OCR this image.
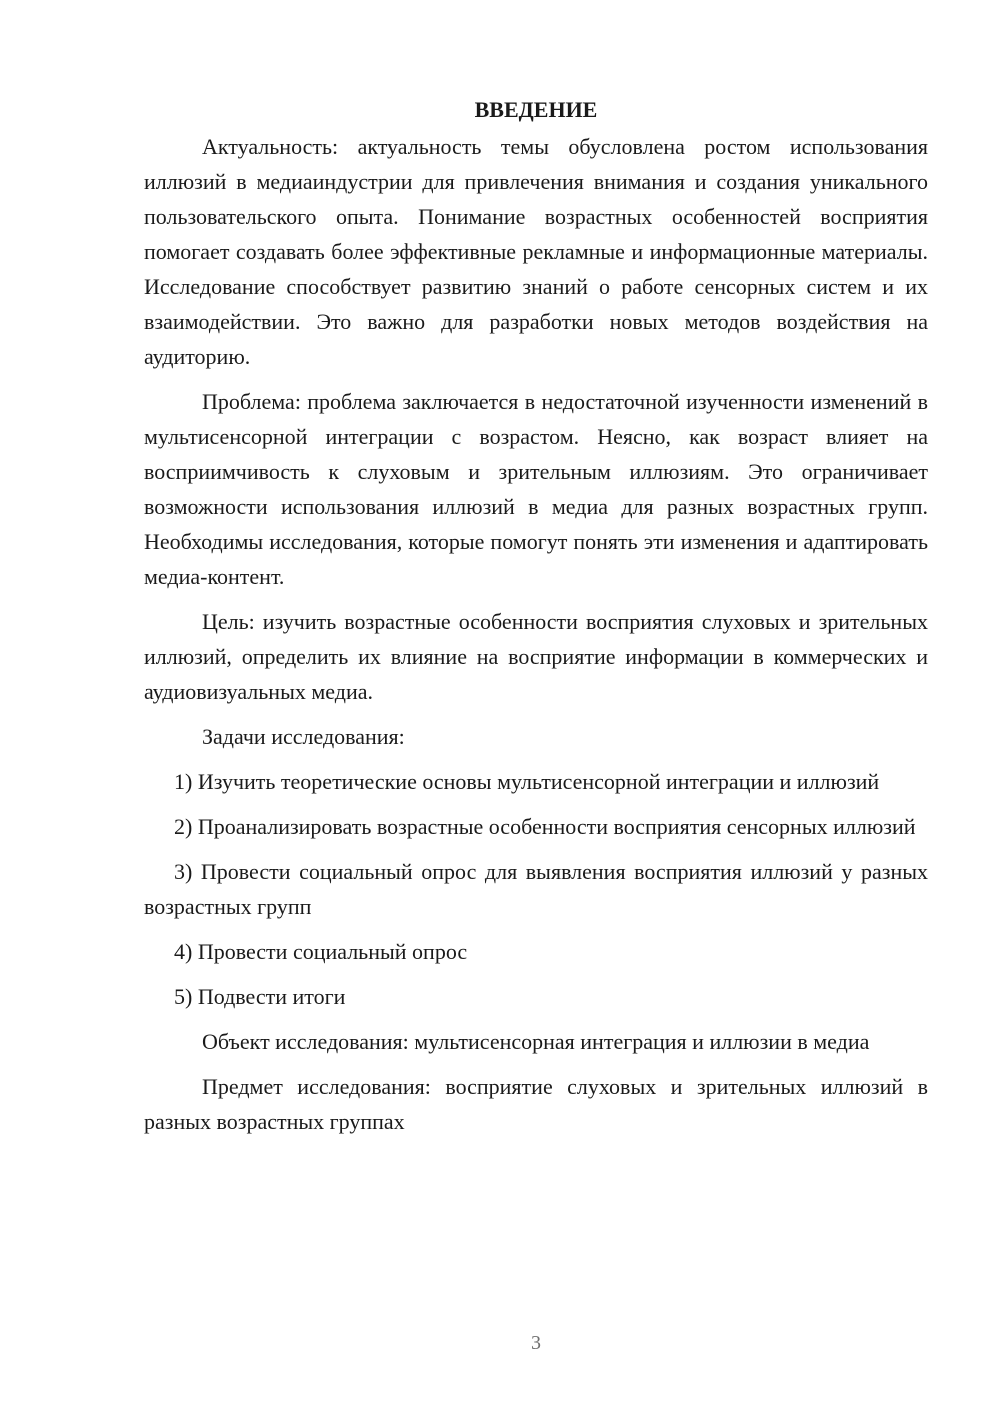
ВВЕДЕНИЕ

Актуальность: актуальность темы обусловлена ростом использования иллюзий в медиаиндустрии для привлечения внимания и создания уникального пользовательского опыта. Понимание возрастных особенностей восприятия помогает создавать более эффективные рекламные и информационные материалы. Исследование способствует развитию знаний о работе сенсорных систем и их взаимодействии. Это важно для разработки новых методов воздействия на аудиторию.

Проблема: проблема заключается в недостаточной изученности изменений в мультисенсорной интеграции с возрастом. Неясно, как возраст влияет на восприимчивость к слуховым и зрительным иллюзиям. Это ограничивает возможности использования иллюзий в медиа для разных возрастных групп. Необходимы исследования, которые помогут понять эти изменения и адаптировать медиа-контент.

Цель: изучить возрастные особенности восприятия слуховых и зрительных иллюзий, определить их влияние на восприятие информации в коммерческих и аудиовизуальных медиа.

Задачи исследования:

1) Изучить теоретические основы мультисенсорной интеграции и иллюзий

2) Проанализировать возрастные особенности восприятия сенсорных иллюзий

3) Провести социальный опрос для выявления восприятия иллюзий у разных возрастных групп

4) Провести социальный опрос

5) Подвести итоги

Объект исследования: мультисенсорная интеграция и иллюзии в медиа

Предмет исследования: восприятие слуховых и зрительных иллюзий в разных возрастных группах

3
